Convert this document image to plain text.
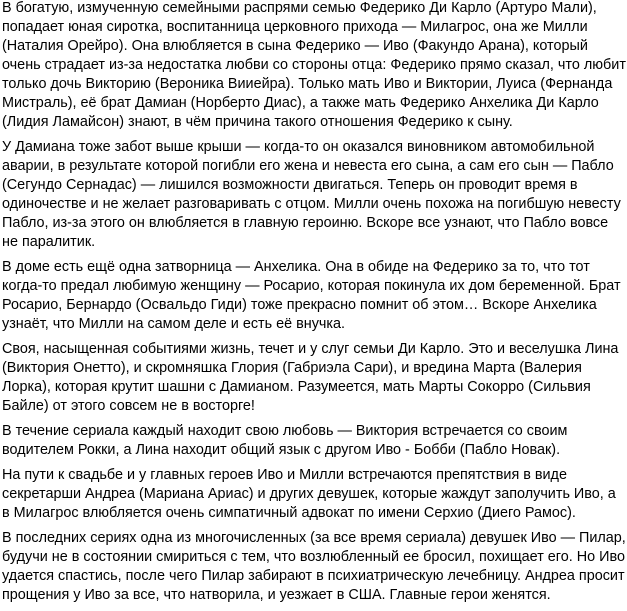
В богатую, измученную семейными распрями семью Федерико Ди Карло (Артуро Мали), попадает юная сиротка, воспитанница церковного прихода — Милагрос, она же Милли (Наталия Орейро). Она влюбляется в сына Федерико — Иво (Факундо Арана), который очень страдает из-за недостатка любви со стороны отца: Федерико прямо сказал, что любит только дочь Викторию (Вероника Вииейра). Только мать Иво и Виктории, Луиса (Фернанда Мистраль), её брат Дамиан (Норберто Диас), а также мать Федерико Анхелика Ди Карло (Лидия Ламайсон) знают, в чём причина такого отношения Федерико к сыну.

У Дамиана тоже забот выше крыши — когда-то он оказался виновником автомобильной аварии, в результате которой погибли его жена и невеста его сына, а сам его сын — Пабло (Сегундо Сернадас) — лишился возможности двигаться. Теперь он проводит время в одиночестве и не желает разговаривать с отцом. Милли очень похожа на погибшую невесту Пабло, из-за этого он влюбляется в главную героиню. Вскоре все узнают, что Пабло вовсе не паралитик.

В доме есть ещё одна затворница — Анхелика. Она в обиде на Федерико за то, что тот когда-то предал любимую женщину — Росарио, которая покинула их дом беременной. Брат Росарио, Бернардо (Освальдо Гиди) тоже прекрасно помнит об этом… Вскоре Анхелика узнаёт, что Милли на самом деле и есть её внучка.

Своя, насыщенная событиями жизнь, течет и у слуг семьи Ди Карло. Это и веселушка Лина (Виктория Онетто), и скромняшка Глория (Габриэла Сари), и вредина Марта (Валерия Лорка), которая крутит шашни с Дамианом. Разумеется, мать Марты Сокорро (Сильвия Байле) от этого совсем не в восторге!

В течение сериала каждый находит свою любовь — Виктория встречается со своим водителем Рокки, а Лина находит общий язык с другом Иво - Бобби (Пабло Новак).

На пути к свадьбе и у главных героев Иво и Милли встречаются препятствия в виде секретарши Андреа (Мариана Ариас) и других девушек, которые жаждут заполучить Иво, а в Милагрос влюбляется очень симпатичный адвокат по имени Серхио (Диего Рамос).

В последних сериях одна из многочисленных (за все время сериала) девушек Иво — Пилар, будучи не в состоянии смириться с тем, что возлюбленный ее бросил, похищает его. Но Иво удается спастись, после чего Пилар забирают в психиатрическую лечебницу. Андреа просит прощения у Иво за все, что натворила, и уезжает в США. Главные герои женятся.
